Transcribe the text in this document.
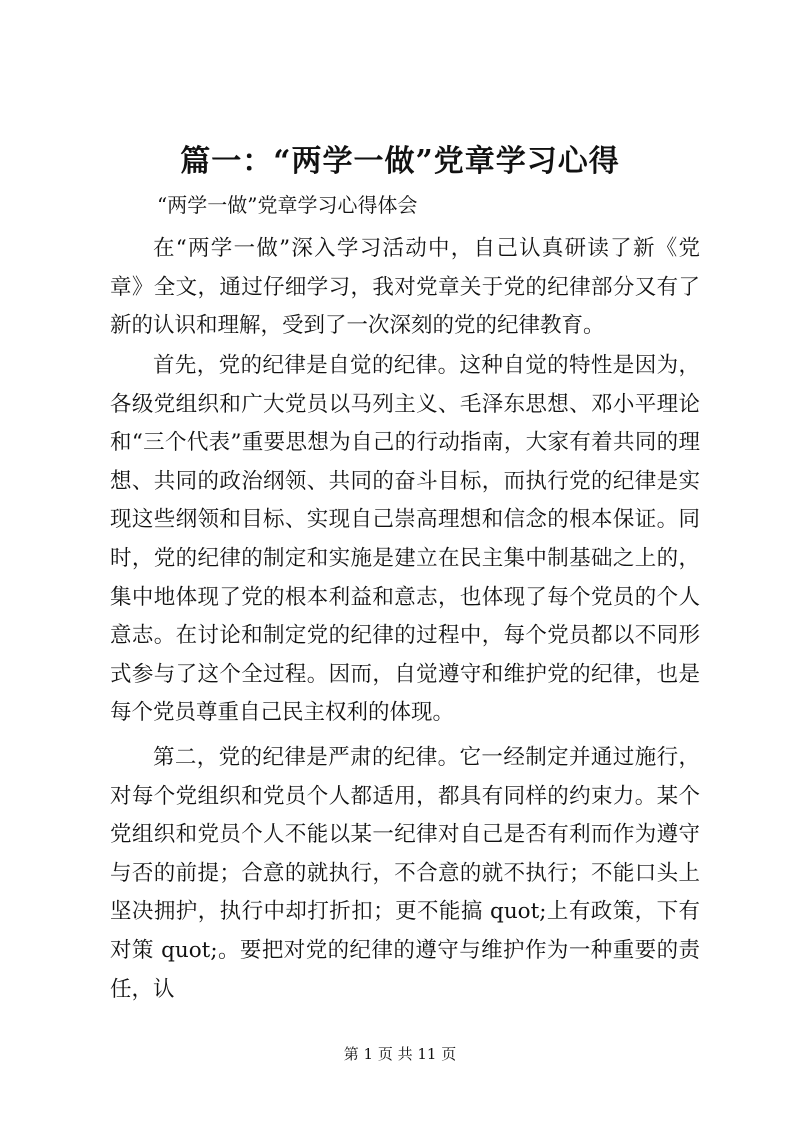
篇一：“两学一做”党章学习心得
“两学一做”党章学习心得体会

在“两学一做”深入学习活动中，自己认真研读了新《党章》全文，通过仔细学习，我对党章关于党的纪律部分又有了新的认识和理解，受到了一次深刻的党的纪律教育。

首先，党的纪律是自觉的纪律。这种自觉的特性是因为，各级党组织和广大党员以马列主义、毛泽东思想、邓小平理论和“三个代表”重要思想为自己的行动指南，大家有着共同的理想、共同的政治纲领、共同的奋斗目标，而执行党的纪律是实现这些纲领和目标、实现自己崇高理想和信念的根本保证。同时，党的纪律的制定和实施是建立在民主集中制基础之上的，集中地体现了党的根本利益和意志，也体现了每个党员的个人意志。在讨论和制定党的纪律的过程中，每个党员都以不同形式参与了这个全过程。因而，自觉遵守和维护党的纪律，也是每个党员尊重自己民主权利的体现。

第二，党的纪律是严肃的纪律。它一经制定并通过施行，对每个党组织和党员个人都适用，都具有同样的约束力。某个党组织和党员个人不能以某一纪律对自己是否有利而作为遵守与否的前提；合意的就执行，不合意的就不执行；不能口头上坚决拥护，执行中却打折扣；更不能搞 quot;上有政策，下有对策 quot;。要把对党的纪律的遵守与维护作为一种重要的责任，认

第 1 页 共 11 页
